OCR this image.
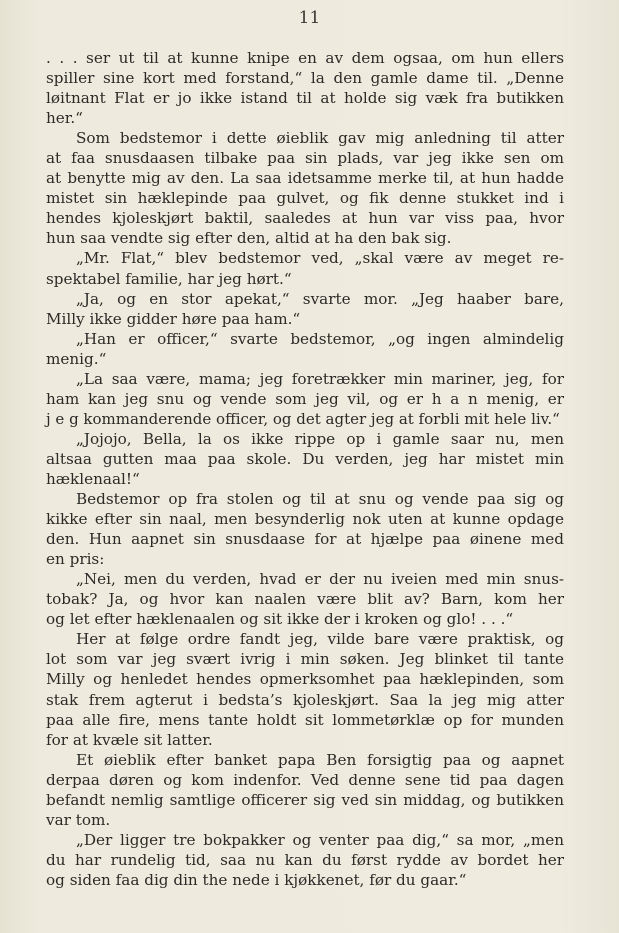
11
. . . ser ut til at kunne knipe en av dem ogsaa, om hun ellers
spiller sine kort med forstand,“ la den gamle dame til. „Denne
løitnant Flat er jo ikke istand til at holde sig væk fra butikken
her.“
Som bedstemor i dette øieblik gav mig anledning til atter
at faa snusdaasen tilbake paa sin plads, var jeg ikke sen om
at benytte mig av den. La saa idetsamme merke til, at hun hadde
mistet sin hæklepinde paa gulvet, og fik denne stukket ind i
hendes kjoleskjørt baktil, saaledes at hun var viss paa, hvor
hun saa vendte sig efter den, altid at ha den bak sig.
„Mr. Flat,“ blev bedstemor ved, „skal være av meget re-
spektabel familie, har jeg hørt.“
„Ja, og en stor apekat,“ svarte mor. „Jeg haaber bare,
Milly ikke gidder høre paa ham.“
„Han er officer,“ svarte bedstemor, „og ingen almindelig
menig.“
„La saa være, mama; jeg foretrækker min mariner, jeg, for
ham kan jeg snu og vende som jeg vil, og er h a n menig, er
j e g kommanderende officer, og det agter jeg at forbli mit hele liv.“
„Jojojo, Bella, la os ikke rippe op i gamle saar nu, men
altsaa gutten maa paa skole. Du verden, jeg har mistet min
hæklenaal!“
Bedstemor op fra stolen og til at snu og vende paa sig og
kikke efter sin naal, men besynderlig nok uten at kunne opdage
den. Hun aapnet sin snusdaase for at hjælpe paa øinene med
en pris:
„Nei, men du verden, hvad er der nu iveien med min snus-
tobak? Ja, og hvor kan naalen være blit av? Barn, kom her
og let efter hæklenaalen og sit ikke der i kroken og glo! . . .“
Her at følge ordre fandt jeg, vilde bare være praktisk, og
lot som var jeg svært ivrig i min søken. Jeg blinket til tante
Milly og henledet hendes opmerksomhet paa hæklepinden, som
stak frem agterut i bedsta’s kjoleskjørt. Saa la jeg mig atter
paa alle fire, mens tante holdt sit lommetørklæ op for munden
for at kvæle sit latter.
Et øieblik efter banket papa Ben forsigtig paa og aapnet
derpaa døren og kom indenfor. Ved denne sene tid paa dagen
befandt nemlig samtlige officerer sig ved sin middag, og butikken
var tom.
„Der ligger tre bokpakker og venter paa dig,“ sa mor, „men
du har rundelig tid, saa nu kan du først rydde av bordet her
og siden faa dig din the nede i kjøkkenet, før du gaar.“
